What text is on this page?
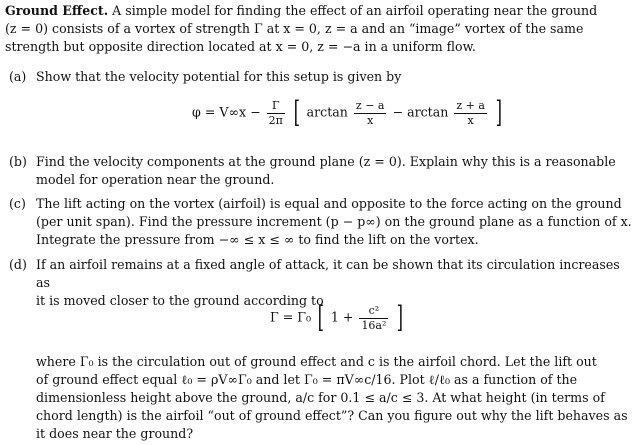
Ground Effect. A simple model for finding the effect of an airfoil operating near the ground
(z = 0) consists of a vortex of strength Γ at x = 0, z = a and an “image” vortex of the same
strength but opposite direction located at x = 0, z = −a in a uniform flow.
(a) Show that the velocity potential for this setup is given by
$\varphi = V\infty x - \frac{\Gamma}{2\pi}$ [ $\arctan \frac{z - a}{x} - \arctan \frac{z + a}{x}$ ]
(b) Find the velocity components at the ground plane (z = 0). Explain why this is a reasonable
model for operation near the ground.
(c) The lift acting on the vortex (airfoil) is equal and opposite to the force acting on the ground
(per unit span). Find the pressure increment (p − p∞) on the ground plane as a function of x.
Integrate the pressure from −∞ ≤ x ≤ ∞ to find the lift on the vortex.
(d) If an airfoil remains at a fixed angle of attack, it can be shown that its circulation increases as
it is moved closer to the ground according to
Γ = Γ₀ [ $1 + \frac{\text{c²}}{\text{16a²}}$ ]
where Γ₀ is the circulation out of ground effect and c is the airfoil chord. Let the lift out
of ground effect equal ℓ₀ = ρV∞Γ₀ and let Γ₀ = πV∞c/16. Plot ℓ/ℓ₀ as a function of the
dimensionless height above the ground, a/c for 0.1 ≤ a/c ≤ 3. At what height (in terms of
chord length) is the airfoil “out of ground effect”? Can you figure out why the lift behaves as
it does near the ground?
